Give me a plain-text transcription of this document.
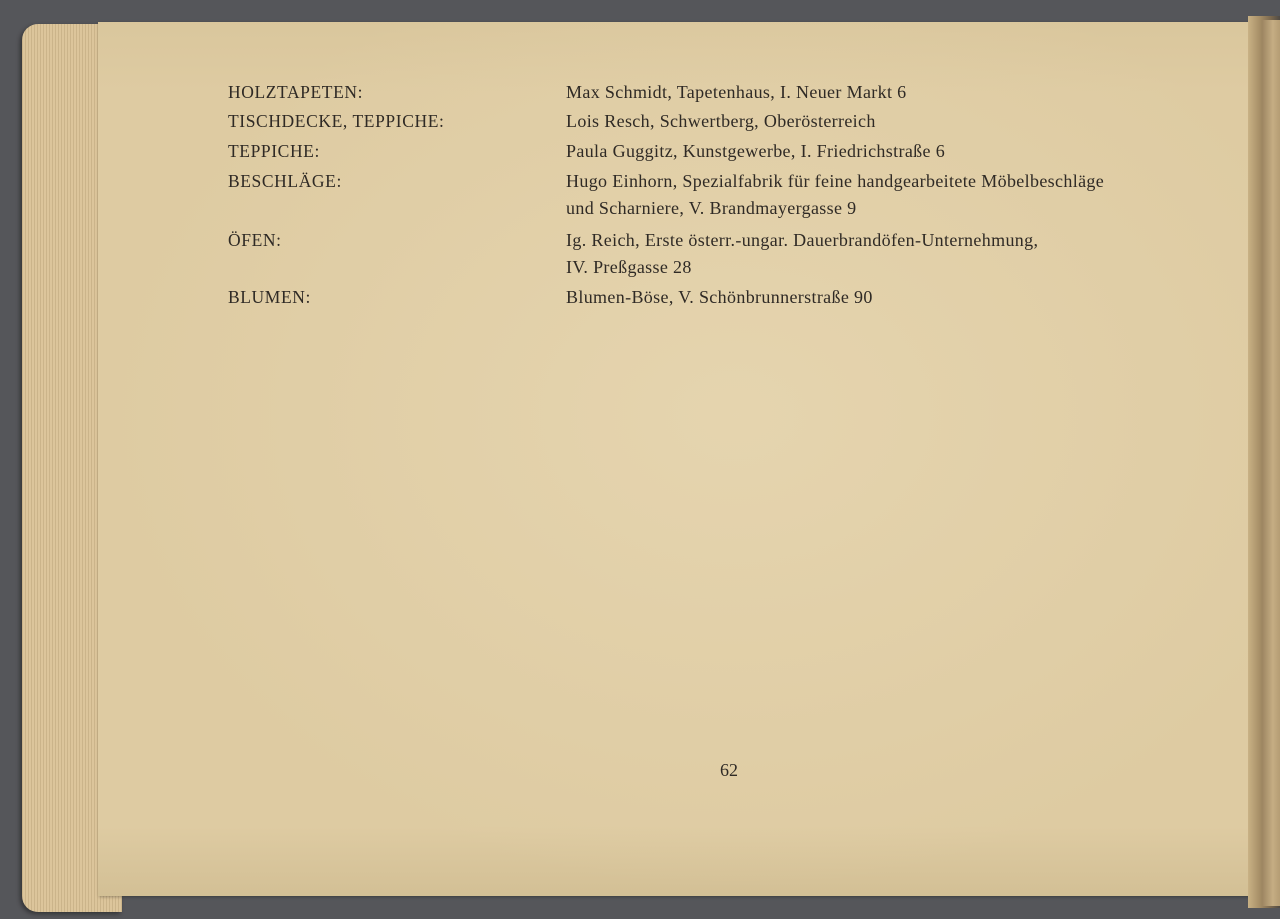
HOLZTAPETEN:	Max Schmidt, Tapetenhaus, I. Neuer Markt 6
TISCHDECKE, TEPPICHE:	Lois Resch, Schwertberg, Oberösterreich
TEPPICHE:	Paula Guggitz, Kunstgewerbe, I. Friedrichstraße 6
BESCHLÄGE:	Hugo Einhorn, Spezialfabrik für feine handgearbeitete Möbelbeschläge
und Scharniere, V. Brandmayergasse 9
ÖFEN:	Ig. Reich, Erste österr.-ungar. Dauerbrandöfen-Unternehmung,
IV. Preßgasse 28
BLUMEN:	Blumen-Böse, V. Schönbrunnerstraße 90
62
